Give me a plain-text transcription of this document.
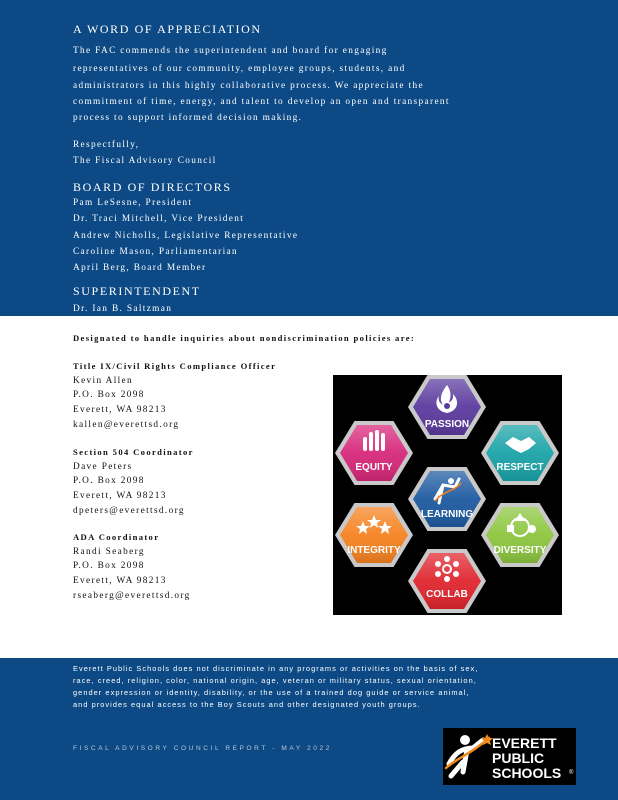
A WORD OF APPRECIATION
The FAC commends the superintendent and board for engaging
representatives of our community, employee groups, students, and
administrators in this highly collaborative process. We appreciate the
commitment of time, energy, and talent to develop an open and transparent
process to support informed decision making.
Respectfully,
The Fiscal Advisory Council
BOARD OF DIRECTORS
Pam LeSesne, President
Dr. Traci Mitchell, Vice President
Andrew Nicholls, Legislative Representative
Caroline Mason, Parliamentarian
April Berg, Board Member
SUPERINTENDENT
Dr. Ian B. Saltzman
Designated to handle inquiries about nondiscrimination policies are:
Title IX/Civil Rights Compliance Officer
Kevin Allen
P.O. Box 2098
Everett, WA 98213
kallen@everettsd.org
Section 504 Coordinator
Dave Peters
P.O. Box 2098
Everett, WA 98213
dpeters@everettsd.org
ADA Coordinator
Randi Seaberg
P.O. Box 2098
Everett, WA 98213
rseaberg@everettsd.org
PASSION
EQUITY	RESPECT
LEARNING
INTEGRITY	DIVERSITY
COLLAB
Everett Public Schools does not discriminate in any programs or activities on the basis of sex,
race, creed, religion, color, national origin, age, veteran or military status, sexual orientation,
gender expression or identity, disability, or the use of a trained dog guide or service animal,
and provides equal access to the Boy Scouts and other designated youth groups.
FISCAL ADVISORY COUNCIL REPORT - MAY 2022	EVERETT
PUBLIC
SCHOOLS ®
